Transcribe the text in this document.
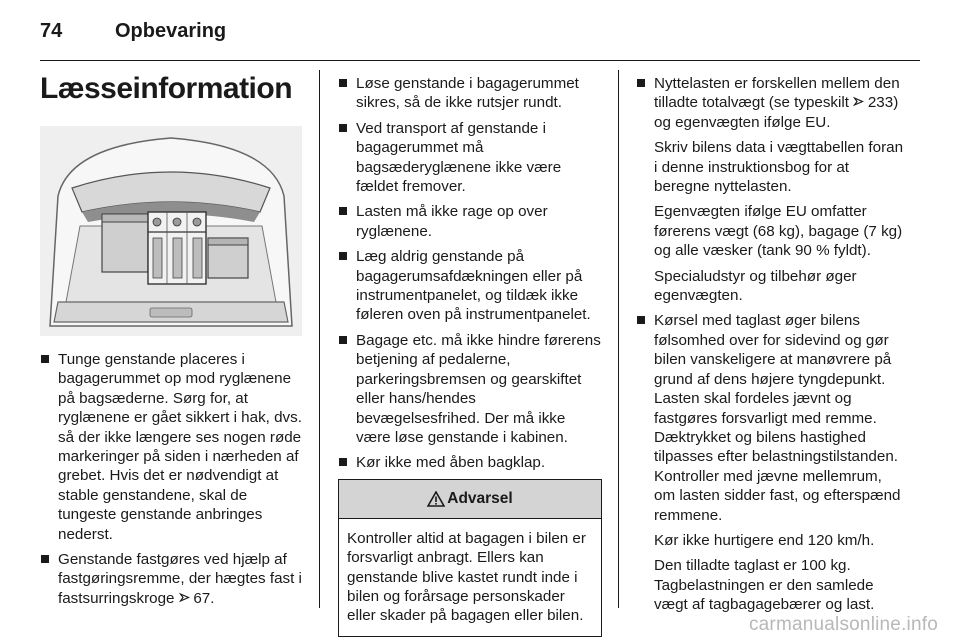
74	Opbevaring
Læsseinformation
Tunge genstande placeres i bagagerummet op mod ryglænene på bagsæderne. Sørg for, at ryglænene er gået sikkert i hak, dvs. så der ikke længere ses nogen røde markeringer på siden i nærheden af grebet. Hvis det er nødvendigt at stable genstandene, skal de tungeste genstande anbringes nederst.
Genstande fastgøres ved hjælp af fastgøringsremme, der hægtes fast i fastsurringskroge  67.
Løse genstande i bagagerummet sikres, så de ikke rutsjer rundt.
Ved transport af genstande i bagagerummet må bagsæderyglænene ikke være fældet fremover.
Lasten må ikke rage op over ryglænene.
Læg aldrig genstande på bagagerumsafdækningen eller på instrumentpanelet, og tildæk ikke føleren oven på instrumentpanelet.
Bagage etc. må ikke hindre førerens betjening af pedalerne, parkeringsbremsen og gearskiftet eller hans/hendes bevægelsesfrihed. Der må ikke være løse genstande i kabinen.
Kør ikke med åben bagklap.
Advarsel
Kontroller altid at bagagen i bilen er forsvarligt anbragt. Ellers kan genstande blive kastet rundt inde i bilen og forårsage personskader eller skader på bagagen eller bilen.
Nyttelasten er forskellen mellem den tilladte totalvægt (se typeskilt  233) og egenvægten ifølge EU.
Skriv bilens data i vægttabellen foran i denne instruktionsbog for at beregne nyttelasten.
Egenvægten ifølge EU omfatter førerens vægt (68 kg), bagage (7 kg) og alle væsker (tank 90 % fyldt).
Specialudstyr og tilbehør øger egenvægten.
Kørsel med taglast øger bilens følsomhed over for sidevind og gør bilen vanskeligere at manøvrere på grund af dens højere tyngdepunkt. Lasten skal fordeles jævnt og fastgøres forsvarligt med remme. Dæktrykket og bilens hastighed tilpasses efter belastningstilstanden. Kontroller med jævne mellemrum, om lasten sidder fast, og efterspænd remmene.
Kør ikke hurtigere end 120 km/h.
Den tilladte taglast er 100 kg. Tagbelastningen er den samlede vægt af tagbagagebærer og last.
carmanualsonline.info
